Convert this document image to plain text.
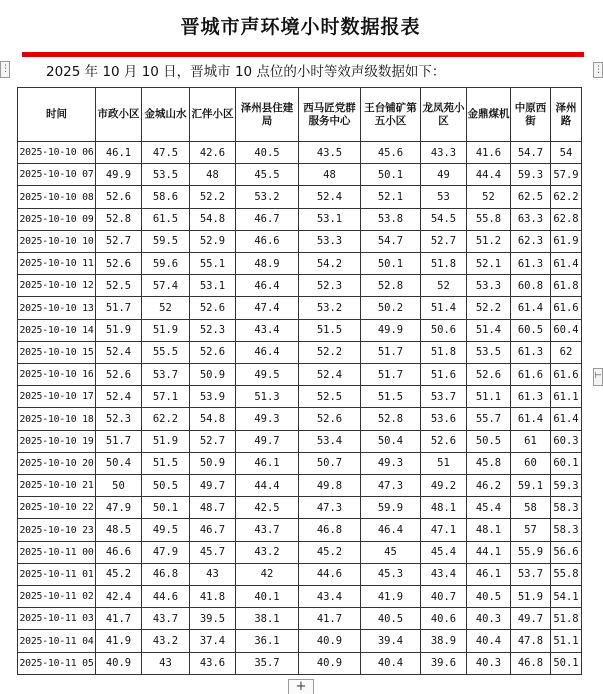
晋城市声环境小时数据报表
2025 年 10 月 10 日，晋城市 10 点位的小时等效声级数据如下：
⋮	⋮
⊢
时间	市政小区	金城山水	汇伴小区	泽州县住建局	西马匠党群服务中心	王台铺矿第五小区	龙凤苑小区	金鼎煤机	中原西街	泽州路
2025-10-10 06	46.1	47.5	42.6	40.5	43.5	45.6	43.3	41.6	54.7	54
2025-10-10 07	49.9	53.5	48	45.5	48	50.1	49	44.4	59.3	57.9
2025-10-10 08	52.6	58.6	52.2	53.2	52.4	52.1	53	52	62.5	62.2
2025-10-10 09	52.8	61.5	54.8	46.7	53.1	53.8	54.5	55.8	63.3	62.8
2025-10-10 10	52.7	59.5	52.9	46.6	53.3	54.7	52.7	51.2	62.3	61.9
2025-10-10 11	52.6	59.6	55.1	48.9	54.2	50.1	51.8	52.1	61.3	61.4
2025-10-10 12	52.5	57.4	53.1	46.4	52.3	52.8	52	53.3	60.8	61.8
2025-10-10 13	51.7	52	52.6	47.4	53.2	50.2	51.4	52.2	61.4	61.6
2025-10-10 14	51.9	51.9	52.3	43.4	51.5	49.9	50.6	51.4	60.5	60.4
2025-10-10 15	52.4	55.5	52.6	46.4	52.2	51.7	51.8	53.5	61.3	62
2025-10-10 16	52.6	53.7	50.9	49.5	52.4	51.7	51.6	52.6	61.6	61.6
2025-10-10 17	52.4	57.1	53.9	51.3	52.5	51.5	53.7	51.1	61.3	61.1
2025-10-10 18	52.3	62.2	54.8	49.3	52.6	52.8	53.6	55.7	61.4	61.4
2025-10-10 19	51.7	51.9	52.7	49.7	53.4	50.4	52.6	50.5	61	60.3
2025-10-10 20	50.4	51.5	50.9	46.1	50.7	49.3	51	45.8	60	60.1
2025-10-10 21	50	50.5	49.7	44.4	49.8	47.3	49.2	46.2	59.1	59.3
2025-10-10 22	47.9	50.1	48.7	42.5	47.3	59.9	48.1	45.4	58	58.3
2025-10-10 23	48.5	49.5	46.7	43.7	46.8	46.4	47.1	48.1	57	58.3
2025-10-11 00	46.6	47.9	45.7	43.2	45.2	45	45.4	44.1	55.9	56.6
2025-10-11 01	45.2	46.8	43	42	44.6	45.3	43.4	46.1	53.7	55.8
2025-10-11 02	42.4	44.6	41.8	40.1	43.4	41.9	40.7	40.5	51.9	54.1
2025-10-11 03	41.7	43.7	39.5	38.1	41.7	40.5	40.6	40.3	49.7	51.8
2025-10-11 04	41.9	43.2	37.4	36.1	40.9	39.4	38.9	40.4	47.8	51.1
2025-10-11 05	40.9	43	43.6	35.7	40.9	40.4	39.6	40.3	46.8	50.1
+
